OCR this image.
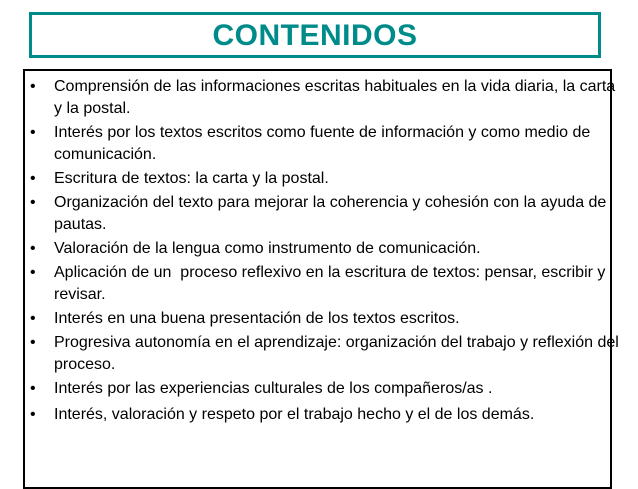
CONTENIDOS
• Comprensión de las informaciones escritas habituales en la vida diaria, la carta y la postal.
• Interés por los textos escritos como fuente de información y como medio de comunicación.
• Escritura de textos: la carta y la postal.
• Organización del texto para mejorar la coherencia y cohesión con la ayuda de pautas.
• Valoración de la lengua como instrumento de comunicación.
• Aplicación de un  proceso reflexivo en la escritura de textos: pensar, escribir y revisar.
• Interés en una buena presentación de los textos escritos.
• Progresiva autonomía en el aprendizaje: organización del trabajo y reflexión del proceso.
• Interés por las experiencias culturales de los compañeros/as .
• Interés, valoración y respeto por el trabajo hecho y el de los demás.
